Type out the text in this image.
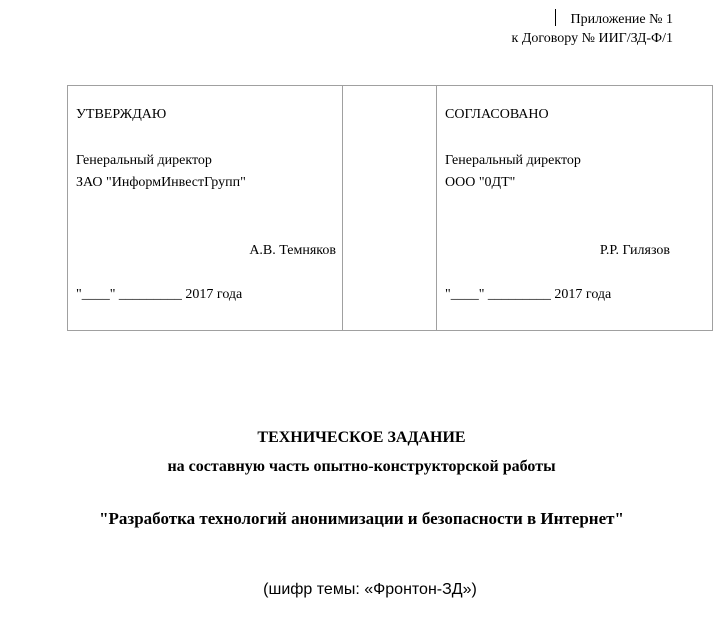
Приложение № 1
к Договору № ИИГ/ЗД-Ф/1
УТВЕРЖДАЮ
Генеральный директор
ЗАО "ИнформИнвестГрупп"
А.В. Темняков
"____" _________ 2017 года

СОГЛАСОВАНО
Генеральный директор
ООО "0ДТ"
Р.Р. Гилязов
"____" _________ 2017 года
ТЕХНИЧЕСКОЕ ЗАДАНИЕ
на составную часть опытно-конструкторской работы
"Разработка технологий анонимизации и безопасности в Интернет"
(шифр темы: «Фронтон-ЗД»)
